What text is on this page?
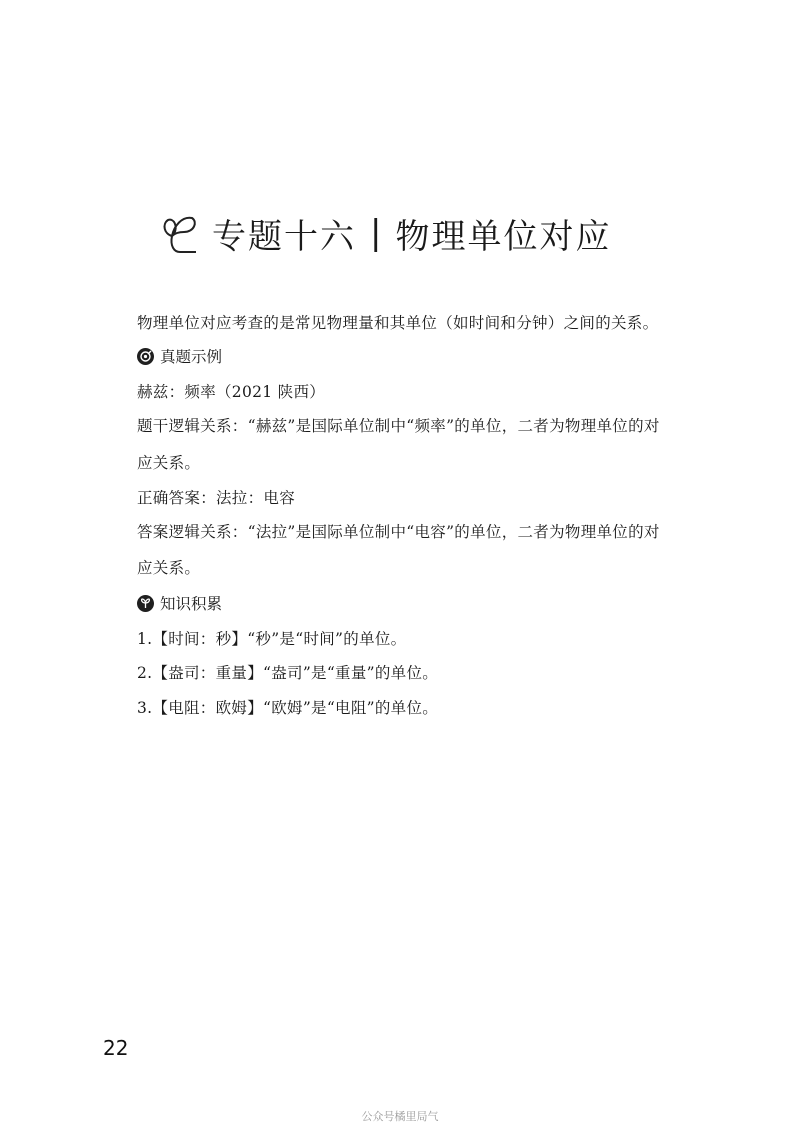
专题十六 | 物理单位对应
物理单位对应考查的是常见物理量和其单位（如时间和分钟）之间的关系。
真题示例
赫兹：频率（2021 陕西）
题干逻辑关系：“赫兹”是国际单位制中“频率”的单位，二者为物理单位的对
应关系。
正确答案：法拉：电容
答案逻辑关系：“法拉”是国际单位制中“电容”的单位，二者为物理单位的对
应关系。
知识积累
1.【时间：秒】“秒”是“时间”的单位。
2.【盎司：重量】“盎司”是“重量”的单位。
3.【电阻：欧姆】“欧姆”是“电阻”的单位。
22
公众号橘里局气
